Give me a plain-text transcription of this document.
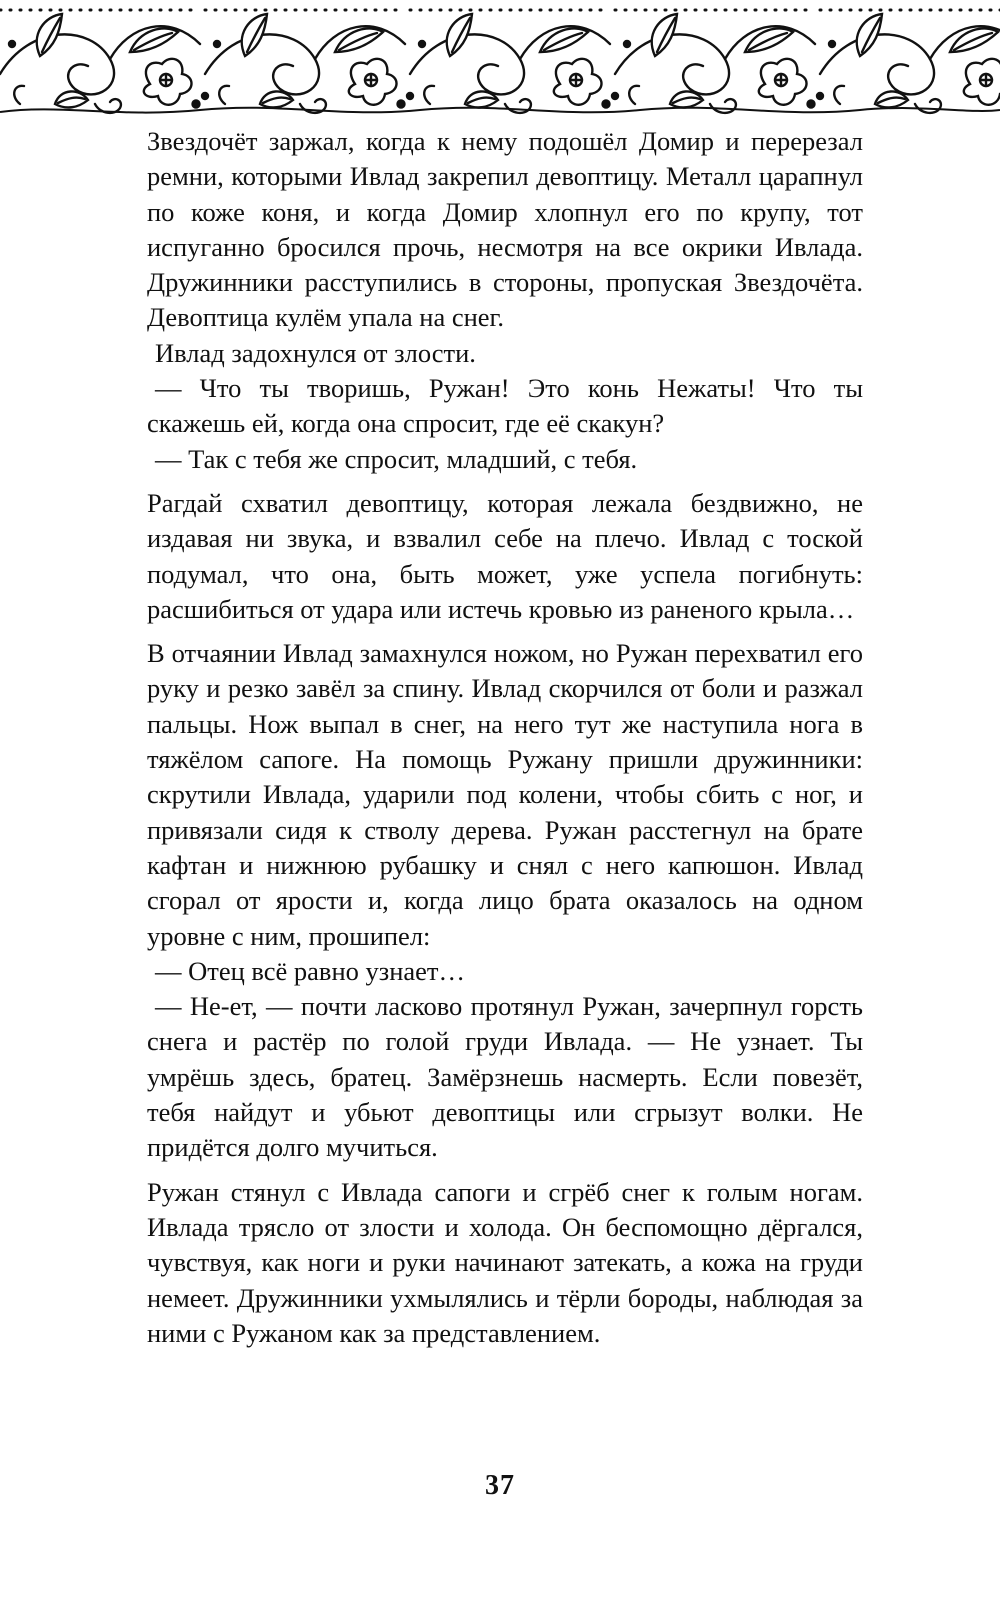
Звездочёт заржал, когда к нему подошёл Домир и перерезал ремни, которыми Ивлад закрепил девоптицу. Металл царапнул по коже коня, и когда Домир хлопнул его по крупу, тот испуганно бросился прочь, несмотря на все окрики Ивлада. Дружинники расступились в стороны, пропуская Звездочёта. Девоптица кулём упала на снег.

Ивлад задохнулся от злости.

— Что ты творишь, Ружан! Это конь Нежаты! Что ты скажешь ей, когда она спросит, где её скакун?

— Так с тебя же спросит, младший, с тебя.

Рагдай схватил девоптицу, которая лежала бездвижно, не издавая ни звука, и взвалил себе на плечо. Ивлад с тоской подумал, что она, быть может, уже успела погибнуть: расшибиться от удара или истечь кровью из раненого крыла…

В отчаянии Ивлад замахнулся ножом, но Ружан перехватил его руку и резко завёл за спину. Ивлад скорчился от боли и разжал пальцы. Нож выпал в снег, на него тут же наступила нога в тяжёлом сапоге. На помощь Ружану пришли дружинники: скрутили Ивлада, ударили под колени, чтобы сбить с ног, и привязали сидя к стволу дерева. Ружан расстегнул на брате кафтан и нижнюю рубашку и снял с него капюшон. Ивлад сгорал от ярости и, когда лицо брата оказалось на одном уровне с ним, прошипел:

— Отец всё равно узнает…

— Не-ет, — почти ласково протянул Ружан, зачерпнул горсть снега и растёр по голой груди Ивлада. — Не узнает. Ты умрёшь здесь, братец. Замёрзнешь насмерть. Если повезёт, тебя найдут и убьют девоптицы или сгрызут волки. Не придётся долго мучиться.

Ружан стянул с Ивлада сапоги и сгрёб снег к голым ногам. Ивлада трясло от злости и холода. Он беспомощно дёргался, чувствуя, как ноги и руки начинают затекать, а кожа на груди немеет. Дружинники ухмылялись и тёрли бороды, наблюдая за ними с Ружаном как за представлением.

37
